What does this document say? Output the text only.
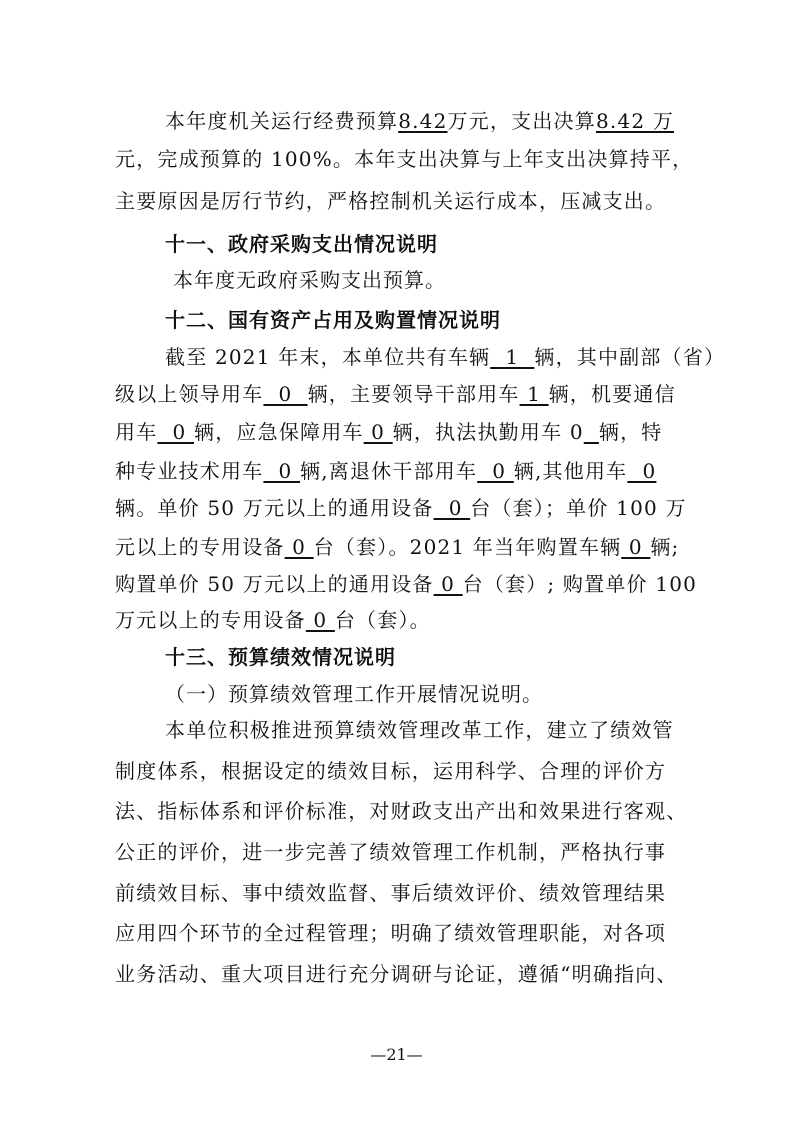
本年度机关运行经费预算8.42万元，支出决算8.42 万
元，完成预算的 100%。本年支出决算与上年支出决算持平，
主要原因是厉行节约，严格控制机关运行成本，压减支出。
十一、政府采购支出情况说明
本年度无政府采购支出预算。
十二、国有资产占用及购置情况说明
截至 2021 年末，本单位共有车辆  1  辆，其中副部（省）
级以上领导用车  0  辆，主要领导干部用车 1 辆，机要通信
用车  0 辆，应急保障用车 0 辆，执法执勤用车 0 辆，特
种专业技术用车  0 辆,离退休干部用车  0 辆,其他用车  0
辆。单价 50 万元以上的通用设备  0 台（套）；单价 100 万
元以上的专用设备 0 台（套）。2021 年当年购置车辆 0 辆;
购置单价 50 万元以上的通用设备 0 台（套）; 购置单价 100
万元以上的专用设备 0 台（套）。
十三、预算绩效情况说明
（一）预算绩效管理工作开展情况说明。
本单位积极推进预算绩效管理改革工作，建立了绩效管
制度体系，根据设定的绩效目标，运用科学、合理的评价方
法、指标体系和评价标准，对财政支出产出和效果进行客观、
公正的评价，进一步完善了绩效管理工作机制，严格执行事
前绩效目标、事中绩效监督、事后绩效评价、绩效管理结果
应用四个环节的全过程管理；明确了绩效管理职能，对各项
业务活动、重大项目进行充分调研与论证，遵循“明确指向、
—21—
